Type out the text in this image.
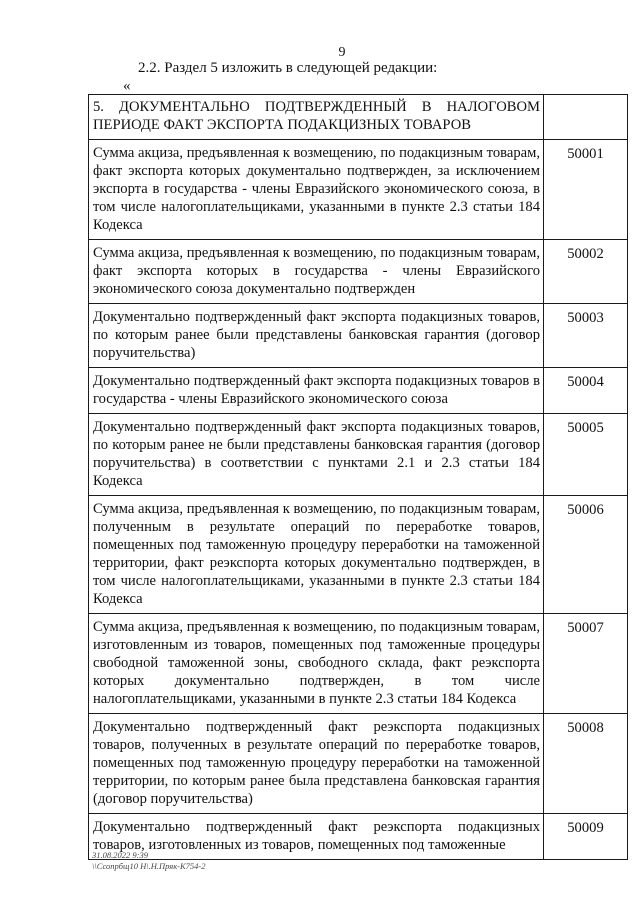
9
2.2. Раздел 5 изложить в следующей редакции:
«
5. ДОКУМЕНТАЛЬНО ПОДТВЕРЖДЕННЫЙ В НАЛОГОВОМ ПЕРИОДЕ ФАКТ ЭКСПОРТА ПОДАКЦИЗНЫХ ТОВАРОВ	
Сумма акциза, предъявленная к возмещению, по подакцизным товарам, факт экспорта которых документально подтвержден, за исключением экспорта в государства - члены Евразийского экономического союза, в том числе налогоплательщиками, указанными в пункте 2.3 статьи 184 Кодекса	50001
Сумма акциза, предъявленная к возмещению, по подакцизным товарам, факт экспорта которых в государства - члены Евразийского экономического союза документально подтвержден	50002
Документально подтвержденный факт экспорта подакцизных товаров, по которым ранее были представлены банковская гарантия (договор поручительства)	50003
Документально подтвержденный факт экспорта подакцизных товаров в государства - члены Евразийского экономического союза	50004
Документально подтвержденный факт экспорта подакцизных товаров, по которым ранее не были представлены банковская гарантия (договор поручительства) в соответствии с пунктами 2.1 и 2.3 статьи 184 Кодекса	50005
Сумма акциза, предъявленная к возмещению, по подакцизным товарам, полученным в результате операций по переработке товаров, помещенных под таможенную процедуру переработки на таможенной территории, факт реэкспорта которых документально подтвержден, в том числе налогоплательщиками, указанными в пункте 2.3 статьи 184 Кодекса	50006
Сумма акциза, предъявленная к возмещению, по подакцизным товарам, изготовленным из товаров, помещенных под таможенные процедуры свободной таможенной зоны, свободного склада, факт реэкспорта которых документально подтвержден, в том числе налогоплательщиками, указанными в пункте 2.3 статьи 184 Кодекса	50007
Документально подтвержденный факт реэкспорта подакцизных товаров, полученных в результате операций по переработке товаров, помещенных под таможенную процедуру переработки на таможенной территории, по которым ранее была представлена банковская гарантия (договор поручительства)	50008
Документально подтвержденный факт реэкспорта подакцизных товаров, изготовленных из товаров, помещенных под таможенные	50009
31.08.2022 9:39
\\Ссопрбщ10 Н\.Н.Пряк-К754-2
